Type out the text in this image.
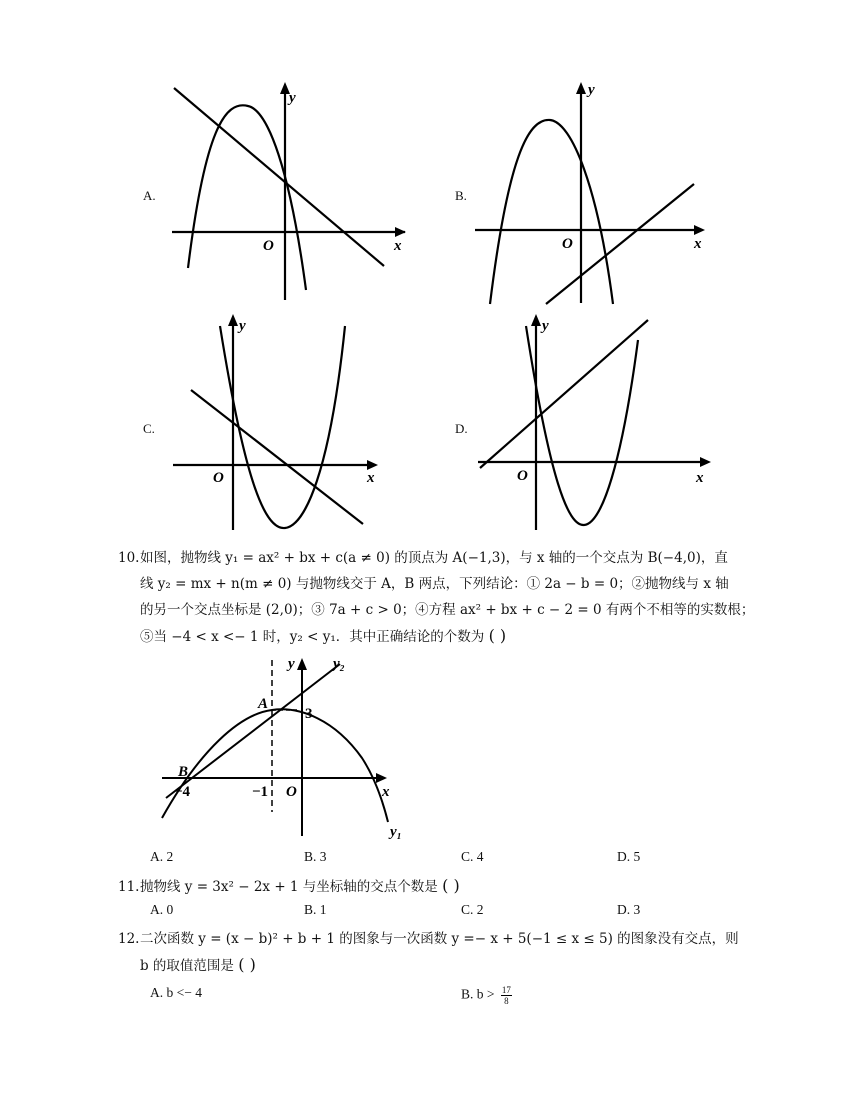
A.
y
x
O
B.
y
x
O
C.
y
x
O
D.
y
x
O
10.如图，抛物线 y₁ = ax² + bx + c(a ≠ 0) 的顶点为 A(−1,3)，与 x 轴的一个交点为 B(−4,0)，直
线 y₂ = mx + n(m ≠ 0) 与抛物线交于 A，B 两点，下列结论：① 2a − b = 0；②抛物线与 x 轴
的另一个交点坐标是 (2,0)；③ 7a + c > 0；④方程 ax² + bx + c − 2 = 0 有两个不相等的实数根；
⑤当 −4 < x <− 1 时，y₂ < y₁．其中正确结论的个数为 ( )
y	y₂
y₁
A
B
3
−4	−1 O	x
A. 2	B. 3	C. 4	D. 5
11.抛物线 y = 3x² − 2x + 1 与坐标轴的交点个数是 ( )
A. 0	B. 1	C. 2	D. 3
12.二次函数 y = (x − b)² + b + 1 的图象与一次函数 y =− x + 5(−1 ≤ x ≤ 5) 的图象没有交点，则
b 的取值范围是 ( )
A. b <− 4	B. $b > \frac{17}{8}$
